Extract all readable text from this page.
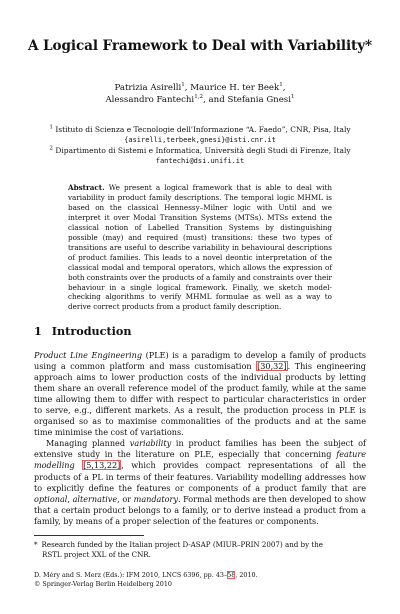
A Logical Framework to Deal with Variability*
Patrizia Asirelli$^1$, Maurice H. ter Beek$^1$,
Alessandro Fantechi$^{1,2}$, and Stefania Gnesi$^1$
$^1$ Istituto di Scienza e Tecnologie dell'Informazione “A. Faedo”, CNR, Pisa, Italy
{asirelli,terbeek,gnesi}@isti.cnr.it
$^2$ Dipartimento di Sistemi e Informatica, Università degli Studi di Firenze, Italy
fantechi@dsi.unifi.it
Abstract. We present a logical framework that is able to deal with variability in product family descriptions. The temporal logic MHML is based on the classical Hennessy–Milner logic with Until and we interpret it over Modal Transition Systems (MTSs). MTSs extend the classical notion of Labelled Transition Systems by distinguishing possible (may) and required (must) transitions: these two types of transitions are useful to describe variability in behavioural descriptions of product families. This leads to a novel deontic interpretation of the classical modal and temporal operators, which allows the expression of both constraints over the products of a family and constraints over their behaviour in a single logical framework. Finally, we sketch model-checking algorithms to verify MHML formulae as well as a way to derive correct products from a product family description.
1 Introduction

Product Line Engineering (PLE) is a paradigm to develop a family of products using a common platform and mass customisation [30,32]. This engineering approach aims to lower production costs of the individual products by letting them share an overall reference model of the product family, while at the same time allowing them to differ with respect to particular characteristics in order to serve, e.g., different markets. As a result, the production process in PLE is organised so as to maximise commonalities of the products and at the same time minimise the cost of variations.

Managing planned variability in product families has been the subject of extensive study in the literature on PLE, especially that concerning feature modelling [5,13,22], which provides compact representations of all the products of a PL in terms of their features. Variability modelling addresses how to explicitly define the features or components of a product family that are optional, alternative, or mandatory. Formal methods are then developed to show that a certain product belongs to a family, or to derive instead a product from a family, by means of a proper selection of the features or components.

* Research funded by the Italian project D-ASAP (MIUR–PRIN 2007) and by the
RSTL project XXL of the CNR.
D. Méry and S. Merz (Eds.): IFM 2010, LNCS 6396, pp. 43–58, 2010.
© Springer-Verlag Berlin Heidelberg 2010
